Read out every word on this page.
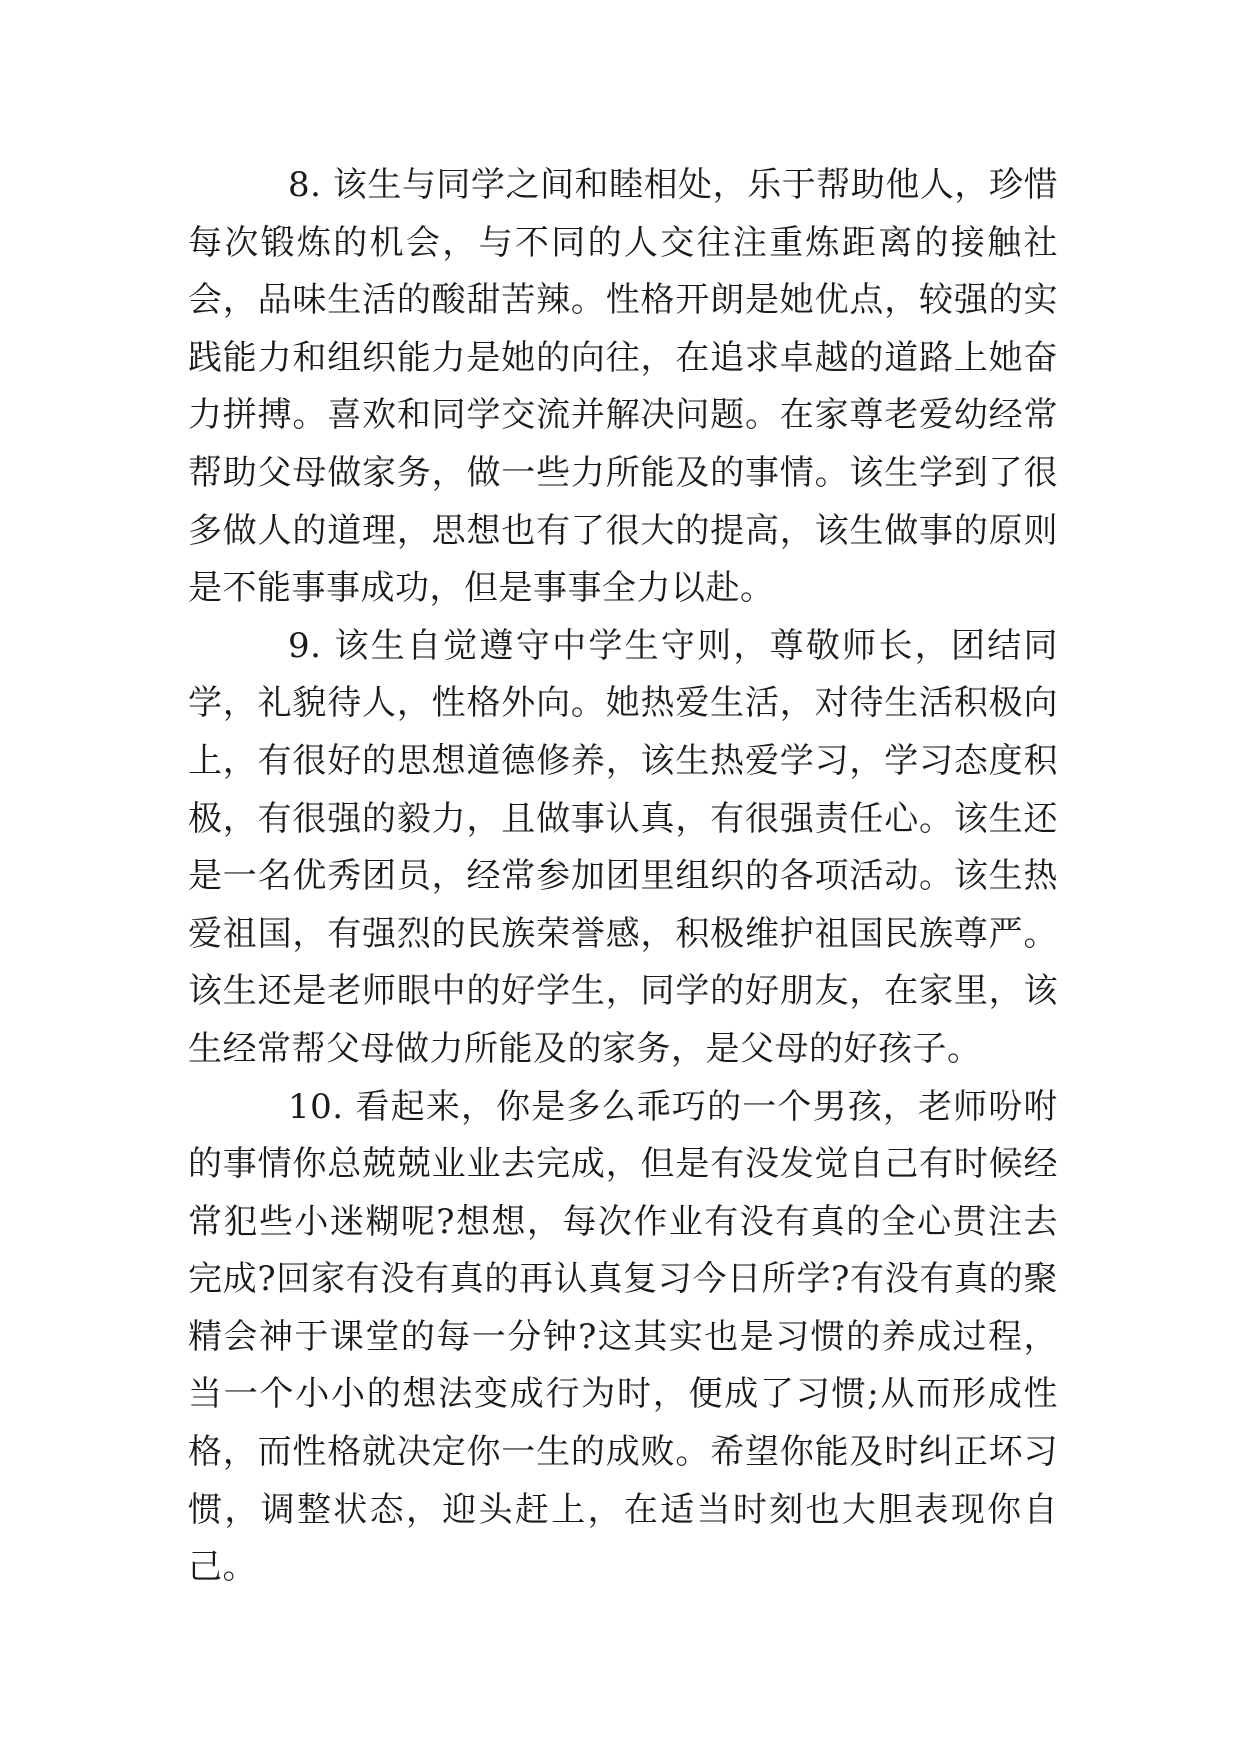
8. 该生与同学之间和睦相处，乐于帮助他人，珍惜每次锻炼的机会，与不同的人交往注重炼距离的接触社会，品味生活的酸甜苦辣。性格开朗是她优点，较强的实践能力和组织能力是她的向往，在追求卓越的道路上她奋力拼搏。喜欢和同学交流并解决问题。在家尊老爱幼经常帮助父母做家务，做一些力所能及的事情。该生学到了很多做人的道理，思想也有了很大的提高，该生做事的原则是不能事事成功，但是事事全力以赴。

9. 该生自觉遵守中学生守则，尊敬师长，团结同学，礼貌待人，性格外向。她热爱生活，对待生活积极向上，有很好的思想道德修养，该生热爱学习，学习态度积极，有很强的毅力，且做事认真，有很强责任心。该生还是一名优秀团员，经常参加团里组织的各项活动。该生热爱祖国，有强烈的民族荣誉感，积极维护祖国民族尊严。该生还是老师眼中的好学生，同学的好朋友，在家里，该生经常帮父母做力所能及的家务，是父母的好孩子。

10. 看起来，你是多么乖巧的一个男孩，老师吩咐的事情你总兢兢业业去完成，但是有没发觉自己有时候经常犯些小迷糊呢?想想，每次作业有没有真的全心贯注去完成?回家有没有真的再认真复习今日所学?有没有真的聚精会神于课堂的每一分钟?这其实也是习惯的养成过程，当一个小小的想法变成行为时，便成了习惯;从而形成性格，而性格就决定你一生的成败。希望你能及时纠正坏习惯，调整状态，迎头赶上，在适当时刻也大胆表现你自己。
